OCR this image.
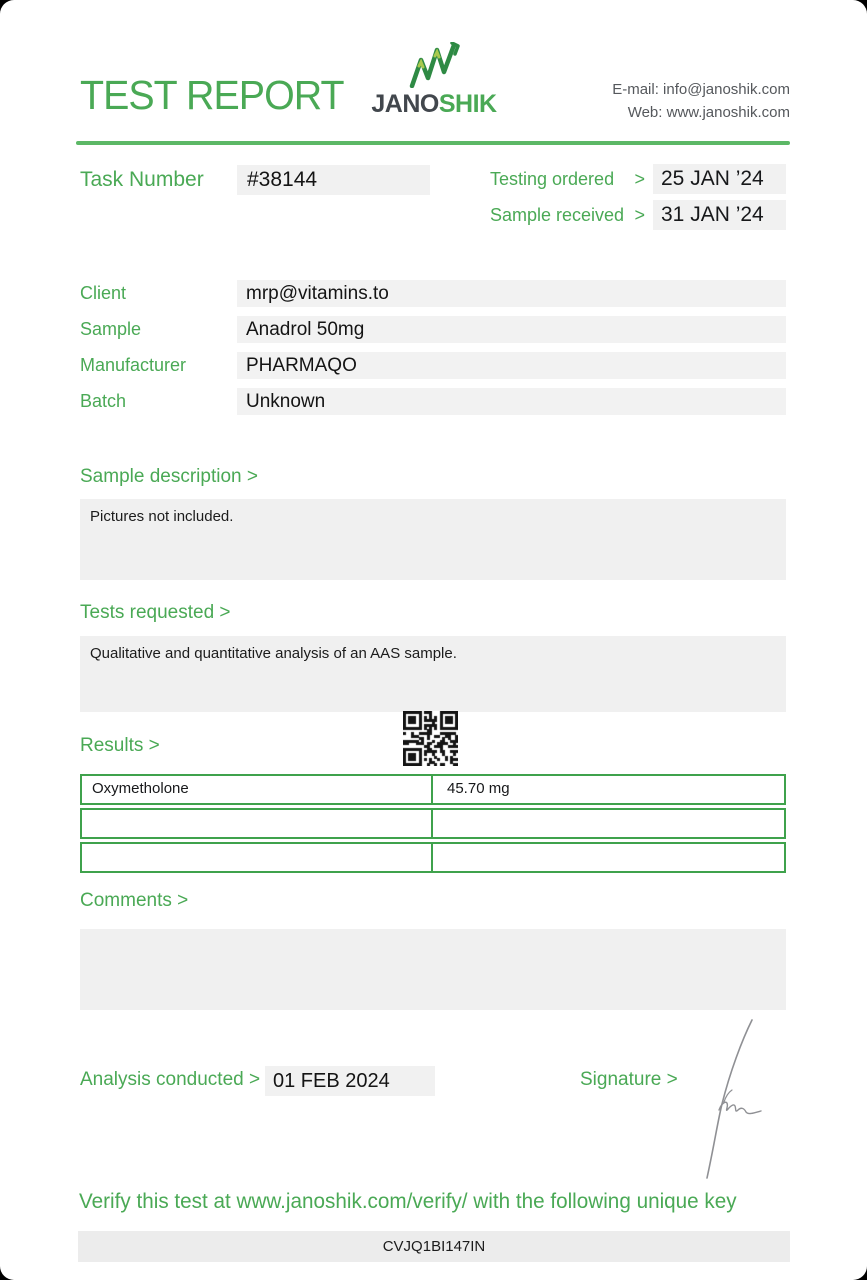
TEST REPORT JANOSHIK
E-mail: info@janoshik.com
Web: www.janoshik.com
Task Number	#38144	Testing ordered	> 25 JAN ’24
Sample received > 31 JAN ’24
Client	mrp@vitamins.to
Sample	Anadrol 50mg
Manufacturer	PHARMAQO
Batch	Unknown
Sample description >
Pictures not included.
Tests requested >
Qualitative and quantitative analysis of an AAS sample.
Results >
Oxymetholone	45.70 mg
Comments >
Analysis conducted > 01 FEB 2024	Signature >
Verify this test at www.janoshik.com/verify/ with the following unique key
CVJQ1BI147IN
